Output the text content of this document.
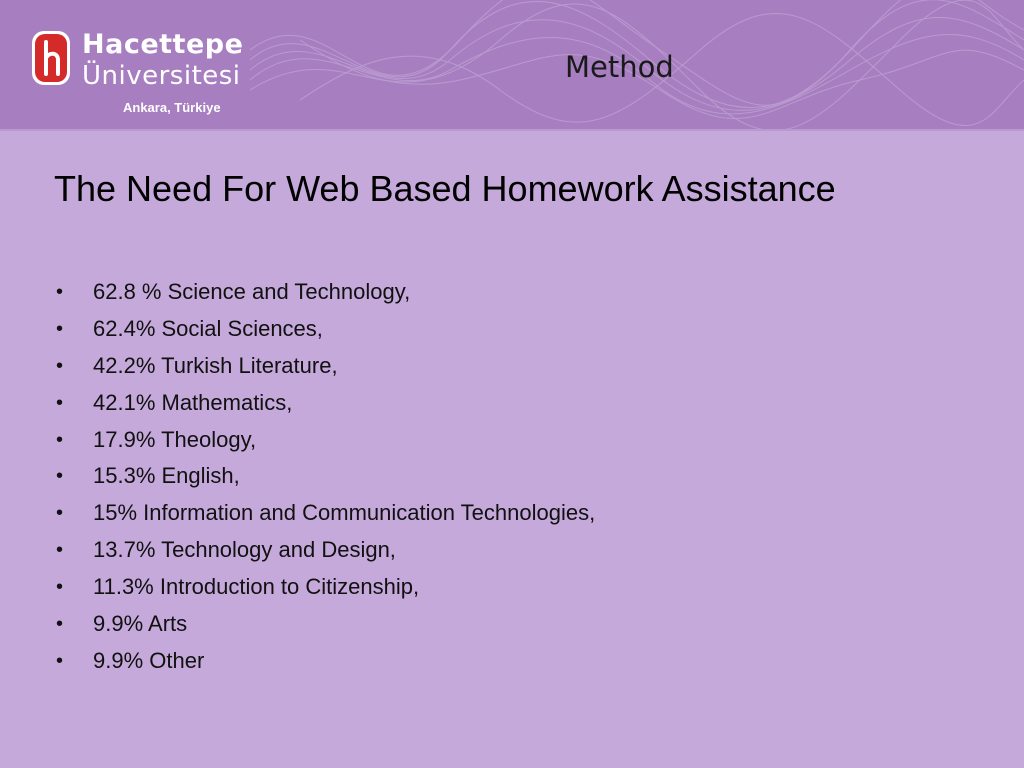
Hacettepe
Üniversitesi
Ankara, Türkiye
Method
The Need For Web Based Homework Assistance
• 62.8 % Science and Technology,
• 62.4% Social Sciences,
• 42.2% Turkish Literature,
• 42.1% Mathematics,
• 17.9% Theology,
• 15.3% English,
• 15% Information and Communication Technologies,
• 13.7% Technology and Design,
• 11.3% Introduction to Citizenship,
• 9.9% Arts
• 9.9% Other
